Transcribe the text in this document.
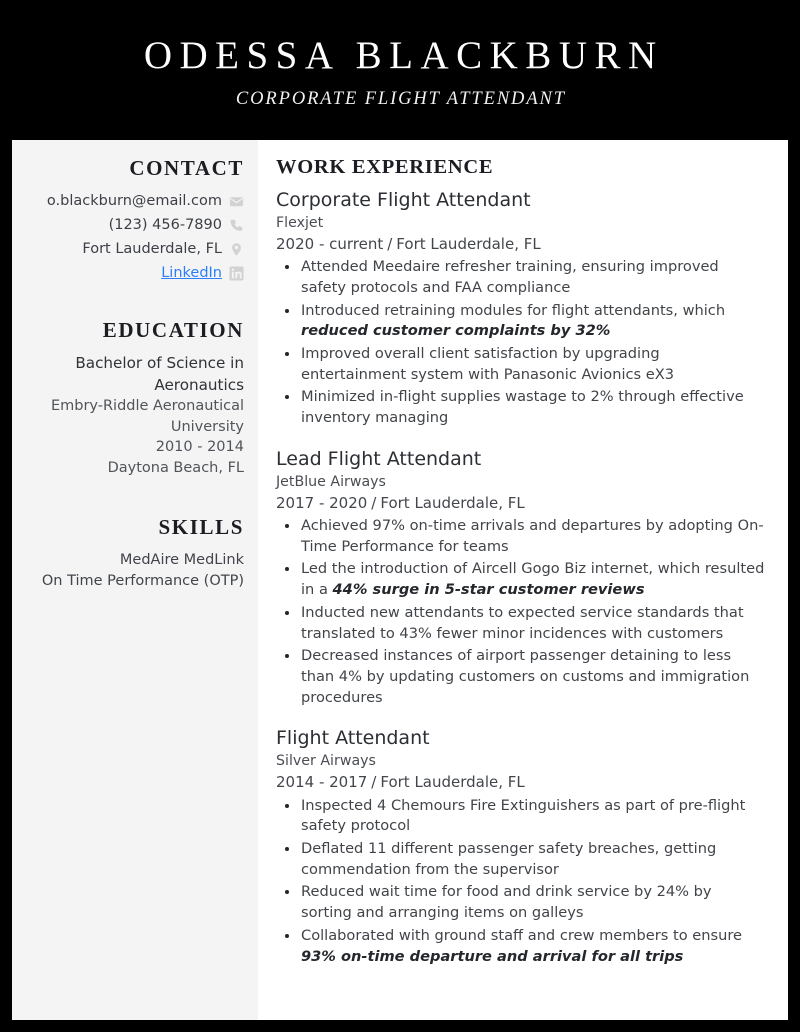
ODESSA BLACKBURN
CORPORATE FLIGHT ATTENDANT
CONTACT
o.blackburn@email.com
(123) 456-7890
Fort Lauderdale, FL
LinkedIn
EDUCATION
Bachelor of Science in Aeronautics
Embry-Riddle Aeronautical University
2010 - 2014
Daytona Beach, FL
SKILLS
MedAire MedLink
On Time Performance (OTP)
WORK EXPERIENCE
Corporate Flight Attendant
Flexjet
2020 - current / Fort Lauderdale, FL
Attended Meedaire refresher training, ensuring improved safety protocols and FAA compliance
Introduced retraining modules for flight attendants, which reduced customer complaints by 32%
Improved overall client satisfaction by upgrading entertainment system with Panasonic Avionics eX3
Minimized in-flight supplies wastage to 2% through effective inventory managing
Lead Flight Attendant
JetBlue Airways
2017 - 2020 / Fort Lauderdale, FL
Achieved 97% on-time arrivals and departures by adopting On-Time Performance for teams
Led the introduction of Aircell Gogo Biz internet, which resulted in a 44% surge in 5-star customer reviews
Inducted new attendants to expected service standards that translated to 43% fewer minor incidences with customers
Decreased instances of airport passenger detaining to less than 4% by updating customers on customs and immigration procedures
Flight Attendant
Silver Airways
2014 - 2017 / Fort Lauderdale, FL
Inspected 4 Chemours Fire Extinguishers as part of pre-flight safety protocol
Deflated 11 different passenger safety breaches, getting commendation from the supervisor
Reduced wait time for food and drink service by 24% by sorting and arranging items on galleys
Collaborated with ground staff and crew members to ensure 93% on-time departure and arrival for all trips
